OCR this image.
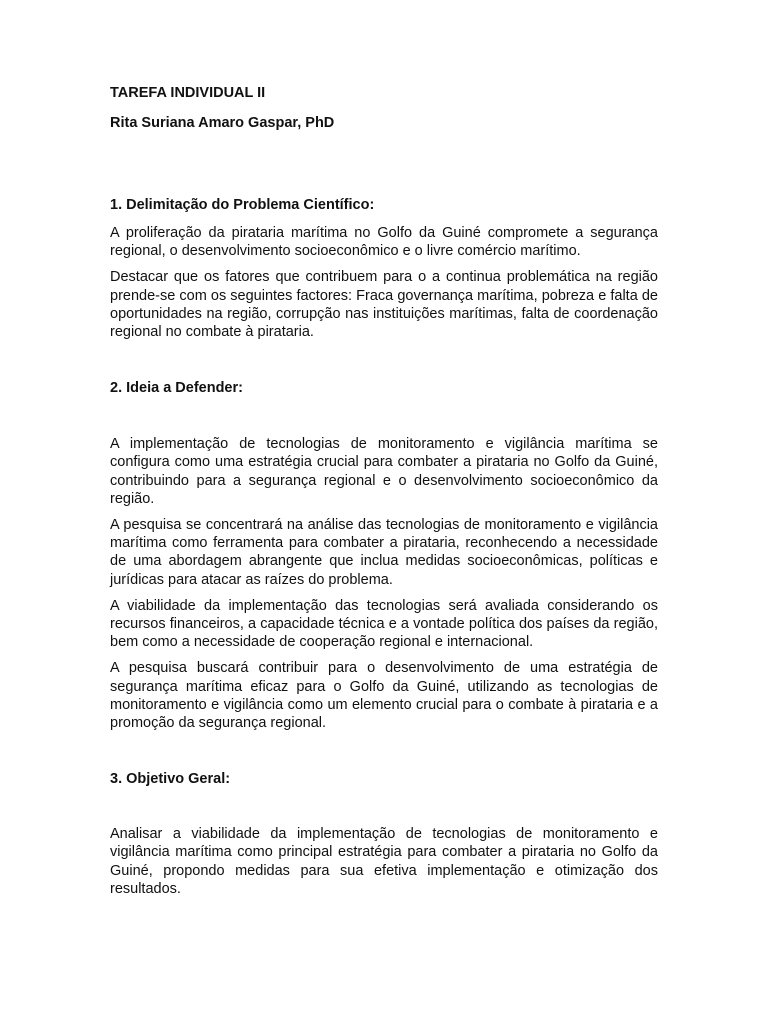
TAREFA INDIVIDUAL II

Rita Suriana Amaro Gaspar, PhD

1. Delimitação do Problema Científico:

A proliferação da pirataria marítima no Golfo da Guiné compromete a segurança regional, o desenvolvimento socioeconômico e o livre comércio marítimo.

Destacar que os fatores que contribuem para o a continua problemática na região prende-se com os seguintes factores: Fraca governança marítima, pobreza e falta de oportunidades na região, corrupção nas instituições marítimas, falta de coordenação regional no combate à pirataria.

2. Ideia a Defender:

A implementação de tecnologias de monitoramento e vigilância marítima se configura como uma estratégia crucial para combater a pirataria no Golfo da Guiné, contribuindo para a segurança regional e o desenvolvimento socioeconômico da região.

A pesquisa se concentrará na análise das tecnologias de monitoramento e vigilância marítima como ferramenta para combater a pirataria, reconhecendo a necessidade de uma abordagem abrangente que inclua medidas socioeconômicas, políticas e jurídicas para atacar as raízes do problema.

A viabilidade da implementação das tecnologias será avaliada considerando os recursos financeiros, a capacidade técnica e a vontade política dos países da região, bem como a necessidade de cooperação regional e internacional.

A pesquisa buscará contribuir para o desenvolvimento de uma estratégia de segurança marítima eficaz para o Golfo da Guiné, utilizando as tecnologias de monitoramento e vigilância como um elemento crucial para o combate à pirataria e a promoção da segurança regional.

3. Objetivo Geral:

Analisar a viabilidade da implementação de tecnologias de monitoramento e vigilância marítima como principal estratégia para combater a pirataria no Golfo da Guiné, propondo medidas para sua efetiva implementação e otimização dos resultados.
